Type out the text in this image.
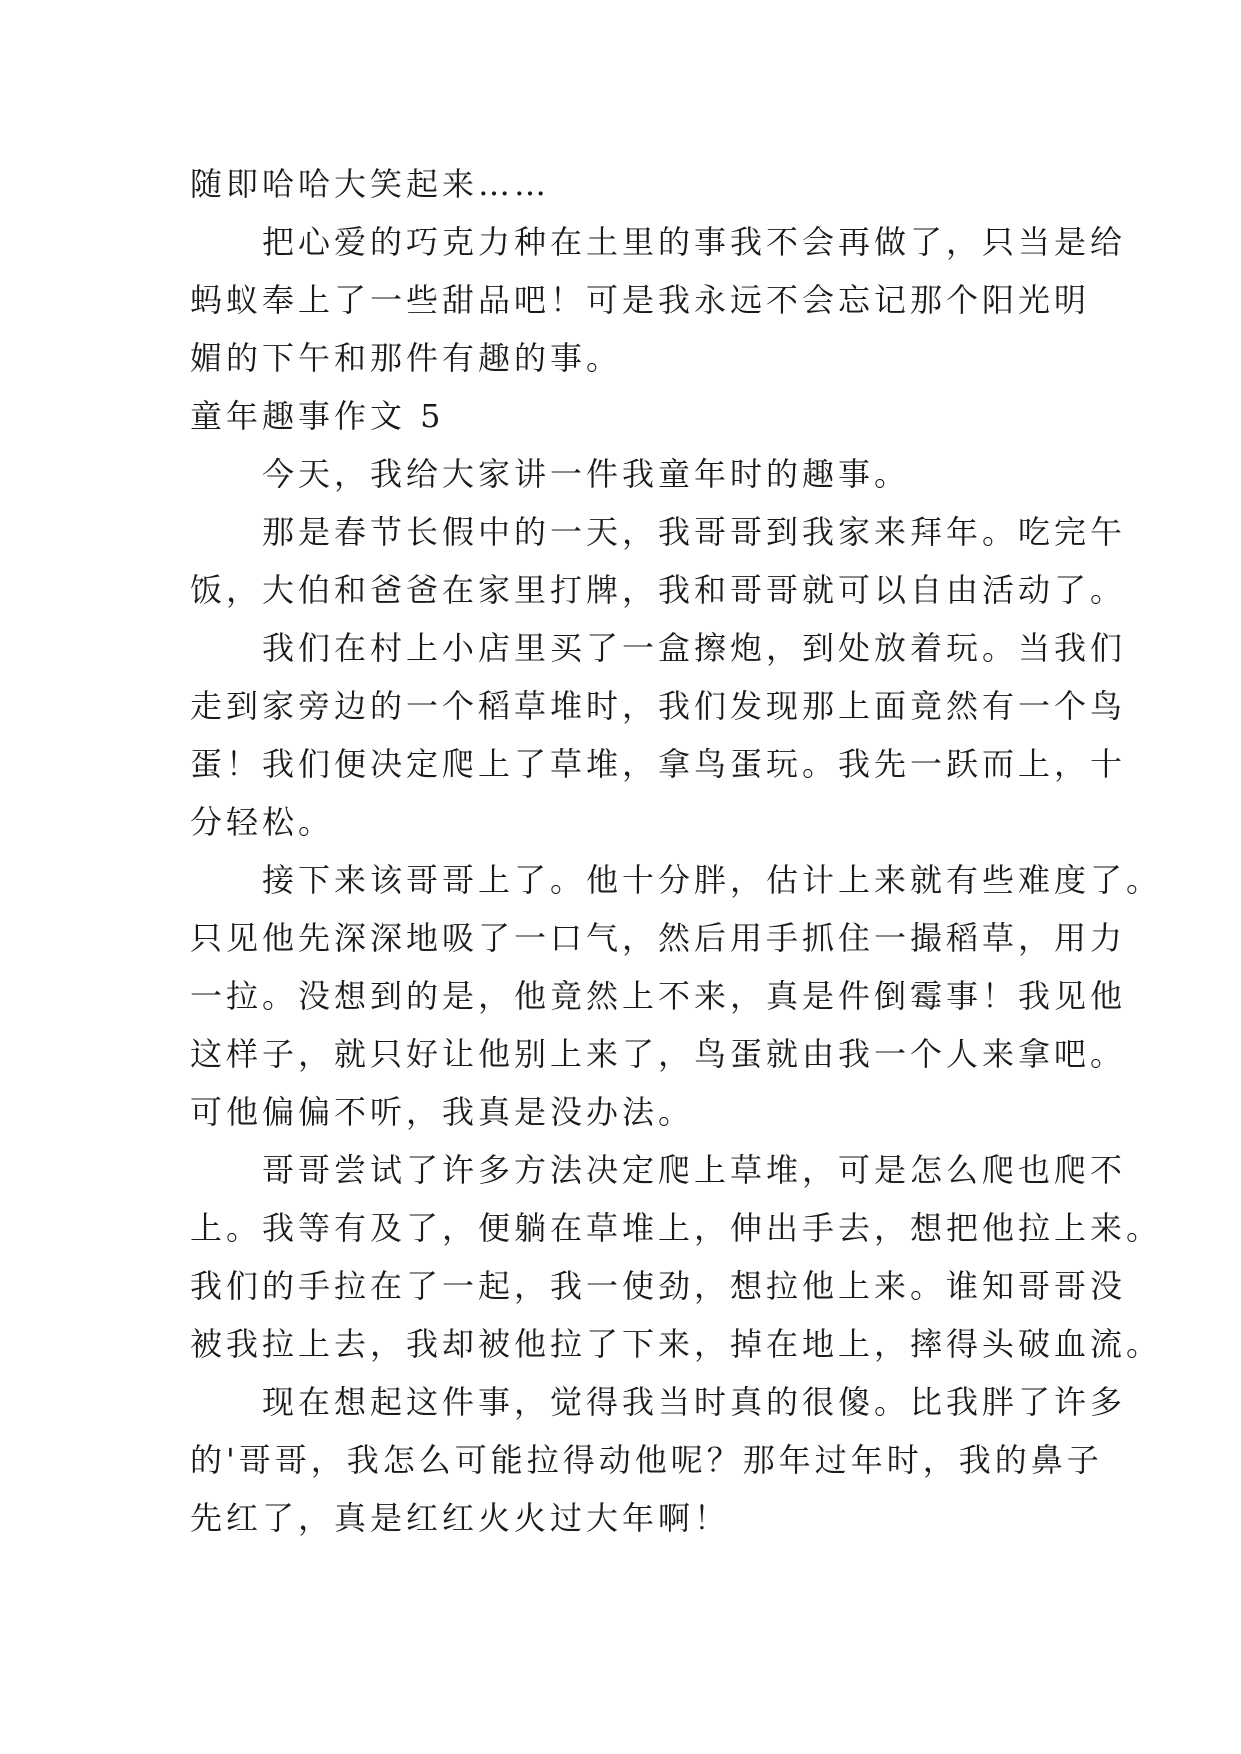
随即哈哈大笑起来……
　　把心爱的巧克力种在土里的事我不会再做了，只当是给
蚂蚁奉上了一些甜品吧！可是我永远不会忘记那个阳光明
媚的下午和那件有趣的事。
童年趣事作文 5
　　今天，我给大家讲一件我童年时的趣事。
　　那是春节长假中的一天，我哥哥到我家来拜年。吃完午
饭，大伯和爸爸在家里打牌，我和哥哥就可以自由活动了。
　　我们在村上小店里买了一盒擦炮，到处放着玩。当我们
走到家旁边的一个稻草堆时，我们发现那上面竟然有一个鸟
蛋！我们便决定爬上了草堆，拿鸟蛋玩。我先一跃而上，十
分轻松。
　　接下来该哥哥上了。他十分胖，估计上来就有些难度了。
只见他先深深地吸了一口气，然后用手抓住一撮稻草，用力
一拉。没想到的是，他竟然上不来，真是件倒霉事！我见他
这样子，就只好让他别上来了，鸟蛋就由我一个人来拿吧。
可他偏偏不听，我真是没办法。
　　哥哥尝试了许多方法决定爬上草堆，可是怎么爬也爬不
上。我等有及了，便躺在草堆上，伸出手去，想把他拉上来。
我们的手拉在了一起，我一使劲，想拉他上来。谁知哥哥没
被我拉上去，我却被他拉了下来，掉在地上，摔得头破血流。
　　现在想起这件事，觉得我当时真的很傻。比我胖了许多
的'哥哥，我怎么可能拉得动他呢？那年过年时，我的鼻子
先红了，真是红红火火过大年啊！
